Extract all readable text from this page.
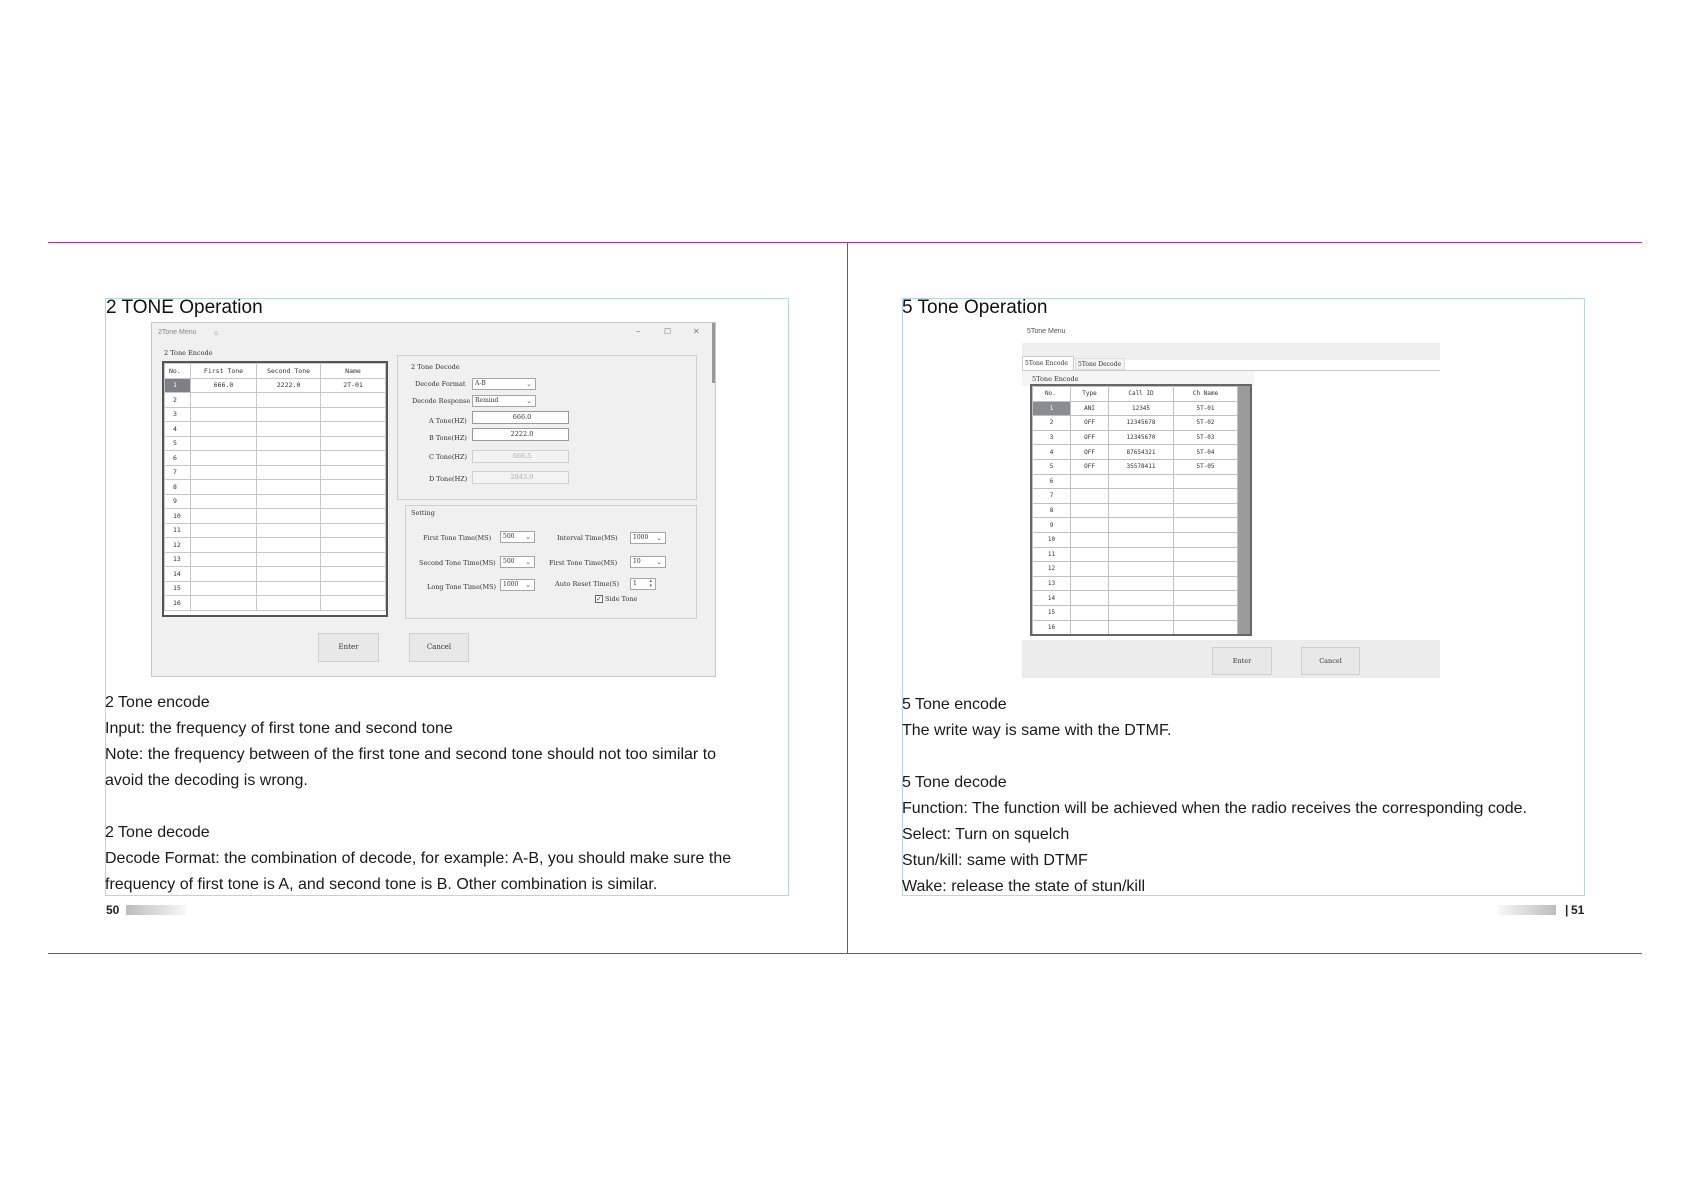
2 TONE Operation
2Tone Menu	u	–	☐	✕
2 Tone Encode
No.	First Tone	Second Tone	Name
1	666.0	2222.0	2T-01
2			
3			
4			
5			
6			
7			
8			
9			
10			
11			
12			
13			
14			
15			
16			
2 Tone Decode
Decode Format	A-B	⌄
Decode Response Remind	⌄
A Tone(HZ)	666.0
B Tone(HZ)	2222.0
C Tone(HZ)	666.5
D Tone(HZ)	2843.0
Setting
First Tone Time(MS)	500 ⌄	Interval Time(MS)	1000 ⌄
Second Tone Time(MS)	500 ⌄	First Tone Time(MS)	10 ⌄
Long Tone Time(MS)	1000 ⌄	Auto Reset Time(S)	1	▴
▾
✓ Side Tone
Enter	Cancel
2 Tone encode
Input: the frequency of first tone and second tone
Note: the frequency between of the first tone and second tone should not too similar to
avoid the decoding is wrong.
2 Tone decode
Decode Format: the combination of decode, for example: A-B, you should make sure the
frequency of first tone is A, and second tone is B. Other combination is similar.
50
5 Tone Operation
5Tone Menu
5Tone Encode	5Tone Decode
5Tone Encode
No.	Type	Call ID	Ch Name	
1	ANI	12345	5T-01	
2	OFF	12345678	5T-02	
3	OFF	12345670	5T-03	
4	OFF	87654321	5T-04	
5	OFF	35578411	5T-05	
6				
7				
8				
9				
10				
11				
12				
13				
14				
15				
16				
Enter	Cancel
5 Tone encode
The write way is same with the DTMF.
5 Tone decode
Function: The function will be achieved when the radio receives the corresponding code.
Select: Turn on squelch
Stun/kill: same with DTMF
Wake: release the state of stun/kill
| 51
